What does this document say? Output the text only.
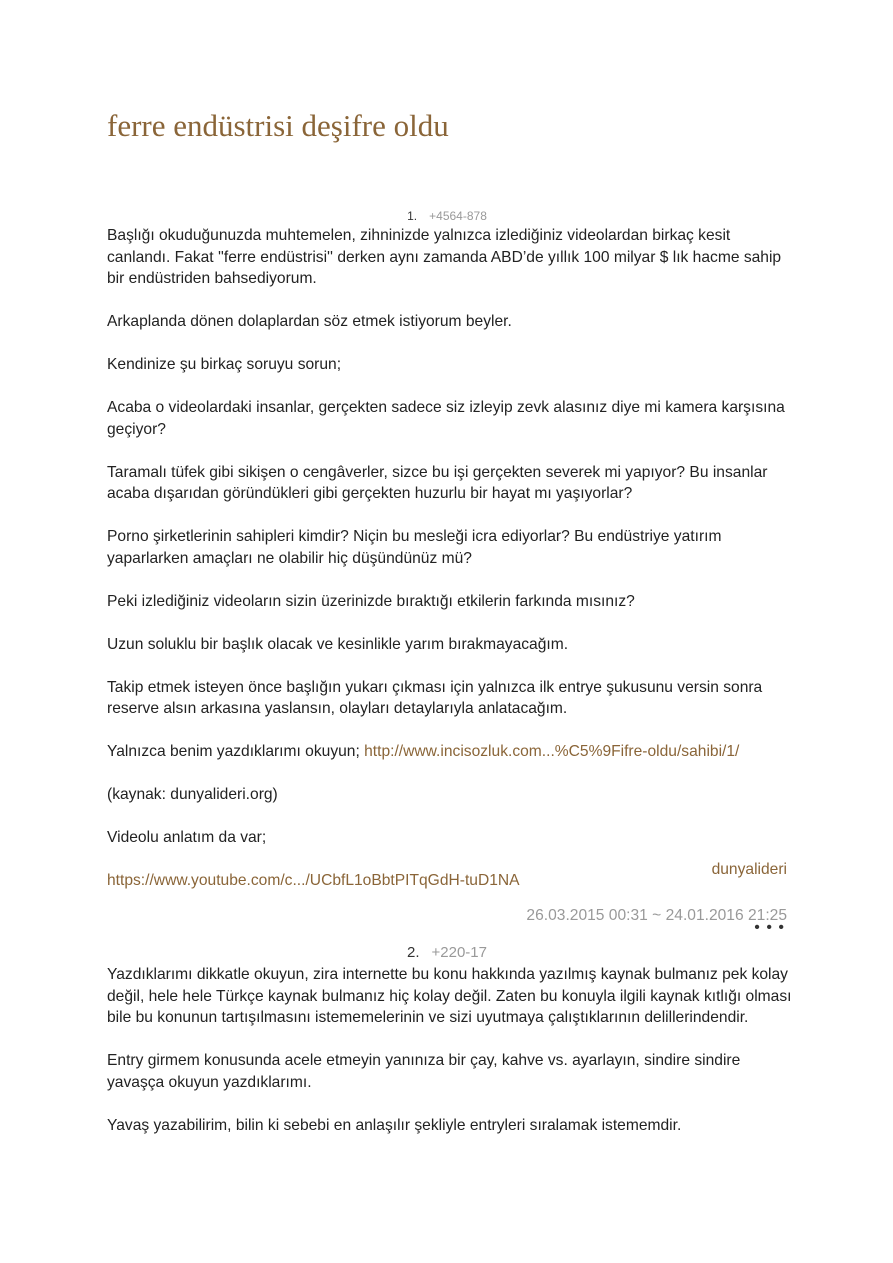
ferre endüstrisi deşifre oldu
1. +4564-878

Başlığı okuduğunuzda muhtemelen, zihninizde yalnızca izlediğiniz videolardan birkaç kesit canlandı. Fakat ''ferre endüstrisi'' derken aynı zamanda ABD’de yıllık 100 milyar $ lık hacme sahip bir endüstriden bahsediyorum.

Arkaplanda dönen dolaplardan söz etmek istiyorum beyler.

Kendinize şu birkaç soruyu sorun;

Acaba o videolardaki insanlar, gerçekten sadece siz izleyip zevk alasınız diye mi kamera karşısına geçiyor?

Taramalı tüfek gibi sikişen o cengâverler, sizce bu işi gerçekten severek mi yapıyor? Bu insanlar acaba dışarıdan göründükleri gibi gerçekten huzurlu bir hayat mı yaşıyorlar?

Porno şirketlerinin sahipleri kimdir? Niçin bu mesleği icra ediyorlar? Bu endüstriye yatırım yaparlarken amaçları ne olabilir hiç düşündünüz mü?

Peki izlediğiniz videoların sizin üzerinizde bıraktığı etkilerin farkında mısınız?

Uzun soluklu bir başlık olacak ve kesinlikle yarım bırakmayacağım.

Takip etmek isteyen önce başlığın yukarı çıkması için yalnızca ilk entrye şukusunu versin sonra reserve alsın arkasına yaslansın, olayları detaylarıyla anlatacağım.

Yalnızca benim yazdıklarımı okuyun; http://www.incisozluk.com...%C5%9Fifre-oldu/sahibi/1/

(kaynak: dunyalideri.org)

Videolu anlatım da var;

https://www.youtube.com/c.../UCbfL1oBbtPITqGdH-tuD1NA

dunyalideri
26.03.2015 00:31 ~ 24.01.2016 21:25
• • •
2. +220-17

Yazdıklarımı dikkatle okuyun, zira internette bu konu hakkında yazılmış kaynak bulmanız pek kolay değil, hele hele Türkçe kaynak bulmanız hiç kolay değil. Zaten bu konuyla ilgili kaynak kıtlığı olması bile bu konunun tartışılmasını istememelerinin ve sizi uyutmaya çalıştıklarının delillerindendir.

Entry girmem konusunda acele etmeyin yanınıza bir çay, kahve vs. ayarlayın, sindire sindire yavaşça okuyun yazdıklarımı.

Yavaş yazabilirim, bilin ki sebebi en anlaşılır şekliyle entryleri sıralamak istememdir.
